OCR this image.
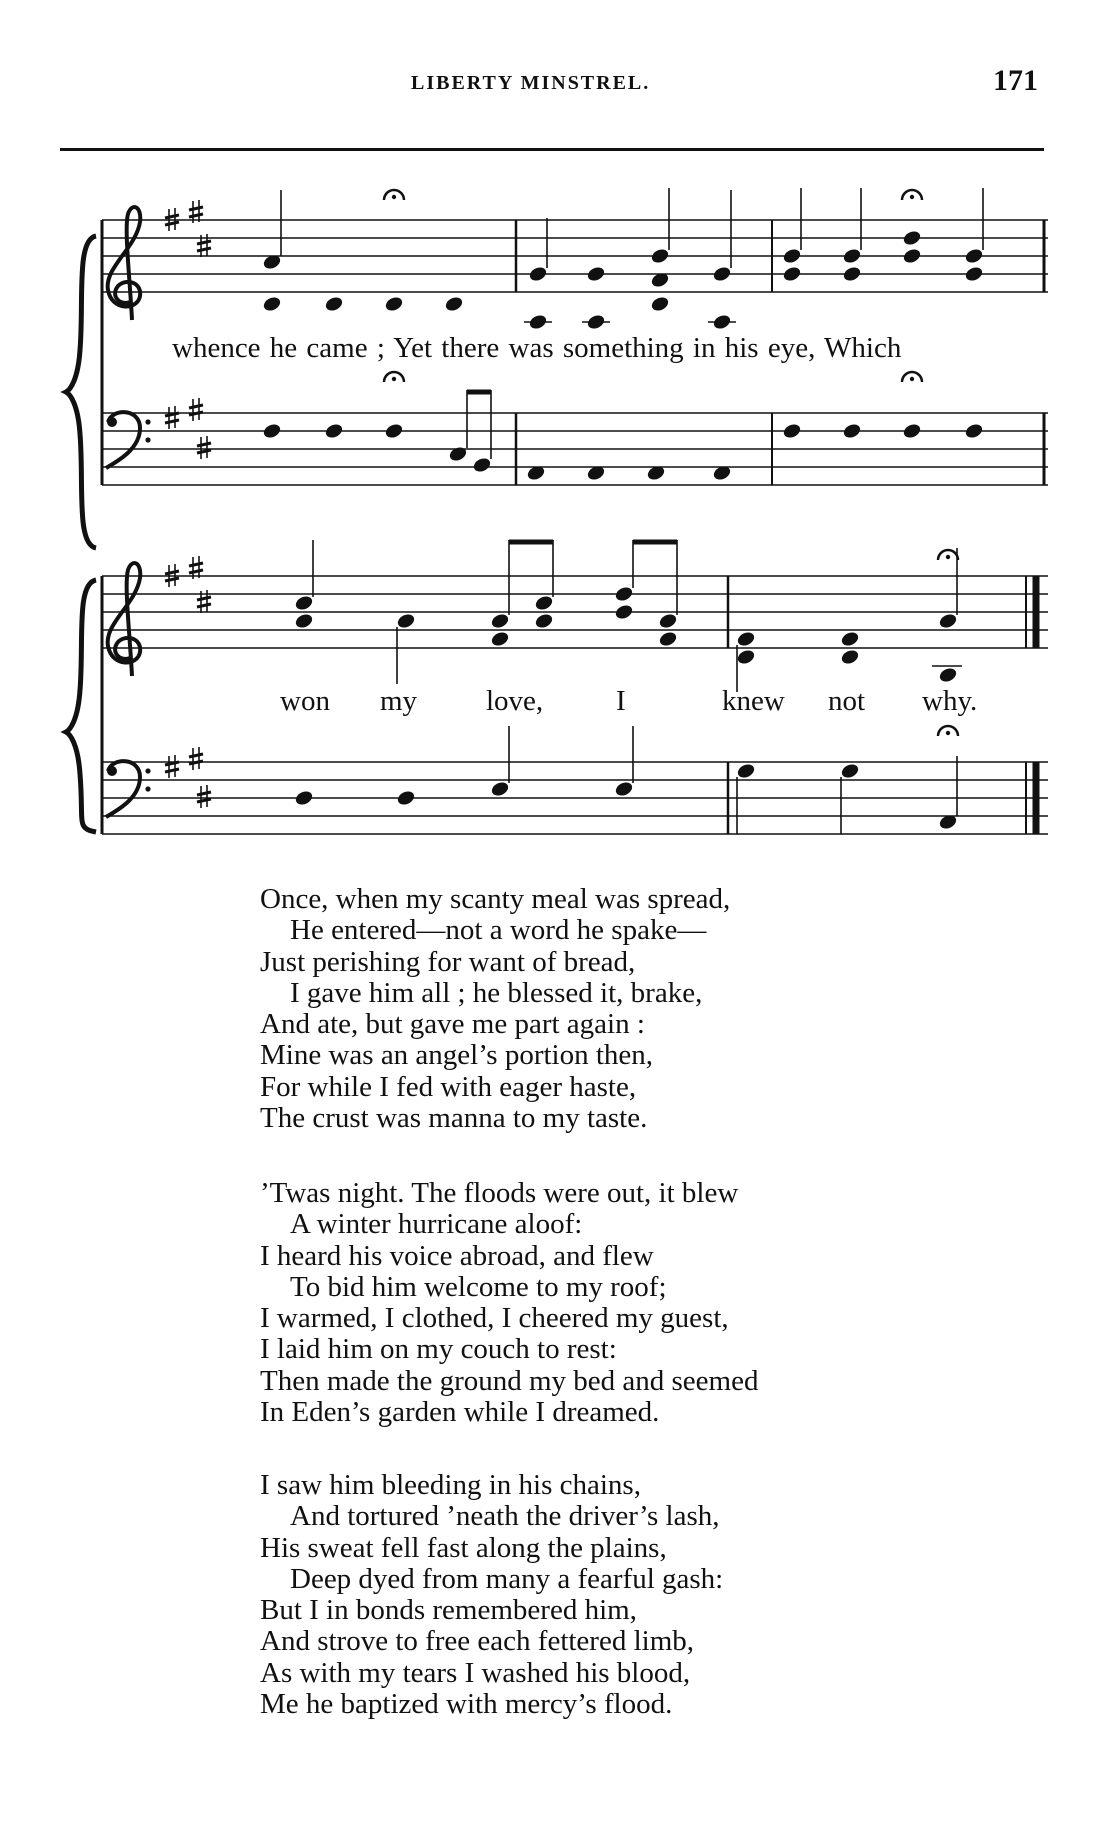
LIBERTY MINSTREL.	171
whence he came ; Yet there was something in his eye, Which
won my love,	I	knew not why.
Once, when my scanty meal was spread,
He entered—not a word he spake—
Just perishing for want of bread,
I gave him all ; he blessed it, brake,
And ate, but gave me part again :
Mine was an angel’s portion then,
For while I fed with eager haste,
The crust was manna to my taste.
’Twas night. The floods were out, it blew
A winter hurricane aloof:
I heard his voice abroad, and flew
To bid him welcome to my roof;
I warmed, I clothed, I cheered my guest,
I laid him on my couch to rest:
Then made the ground my bed and seemed
In Eden’s garden while I dreamed.
I saw him bleeding in his chains,
And tortured ’neath the driver’s lash,
His sweat fell fast along the plains,
Deep dyed from many a fearful gash:
But I in bonds remembered him,
And strove to free each fettered limb,
As with my tears I washed his blood,
Me he baptized with mercy’s flood.
